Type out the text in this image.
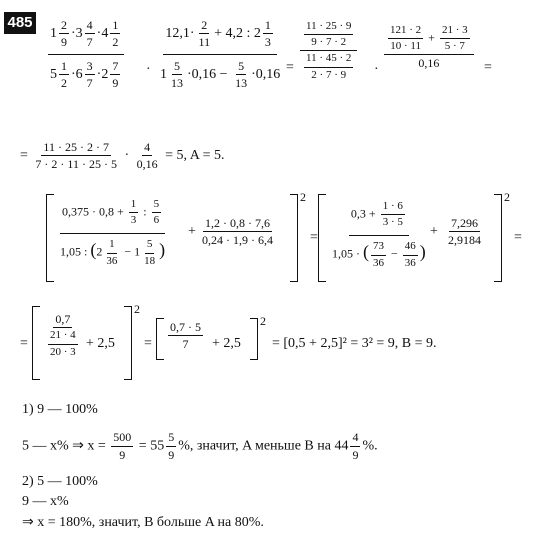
$485 \frac{1 \frac{2}{9} \cdot 3 \frac{4}{7} \cdot 4 \frac{1}{2}}{5 \frac{1}{2} \cdot 6 \frac{3}{7} \cdot 2 \frac{7}{9}} \cdot \frac{12,1\cdot \frac{2}{11} + 4,2 : 2 \frac{1}{3}}{1 \frac{5}{13} \cdot 0,16 - \frac{5}{13} \cdot 0,16} = \frac{\frac{11 \cdot 25 \cdot 9}{9 \cdot 7 \cdot 2}}{\frac{11 \cdot 45 \cdot 2}{2 \cdot 7 \cdot 9}} \cdot \frac{\frac{121 \cdot 2}{10 \cdot 11} + \frac{21 \cdot 3}{5 \cdot 7}}{0,16}$ =
= $\frac{11 \cdot 25 \cdot 2 \cdot 7}{7 \cdot 2 \cdot 11 \cdot 25 \cdot 5} \cdot \frac{4}{0,16} = 5$, A = 5.
$\frac{0,375 \cdot 0,8 + \frac{1}{3} : \frac{5}{6}}{1,05 : (2 \frac{1}{36} - 1 \frac{5}{18} )} + \frac{1,2 \cdot 0,8 \cdot 7,6}{0,24 \cdot 1,9 \cdot 6,4}$
2
= $\frac{0,3 + \frac{1 \cdot 6}{3 \cdot 5}}{1,05 \cdot ( \frac{73}{36} - \frac{46}{36} )} + \frac{7,296}{2,9184}$
2
=
= $\frac{0,7}{\frac{21 \cdot 4}{20 \cdot 3}} + 2,5$
2
= $\frac{0,7 \cdot 5}{7} + 2,5$
2
= [0,5 + 2,5]² = 3² = 9, B = 9.
1) 9 — 100%
5 — x% ⇒ $x = \frac{500}{9} = 55 \frac{5}{9}$ %, значит, A меньше B на $44 \frac{4}{9}$ %.
2) 5 — 100%
9 — x%
⇒ x = 180%, значит, B больше A на 80%.
